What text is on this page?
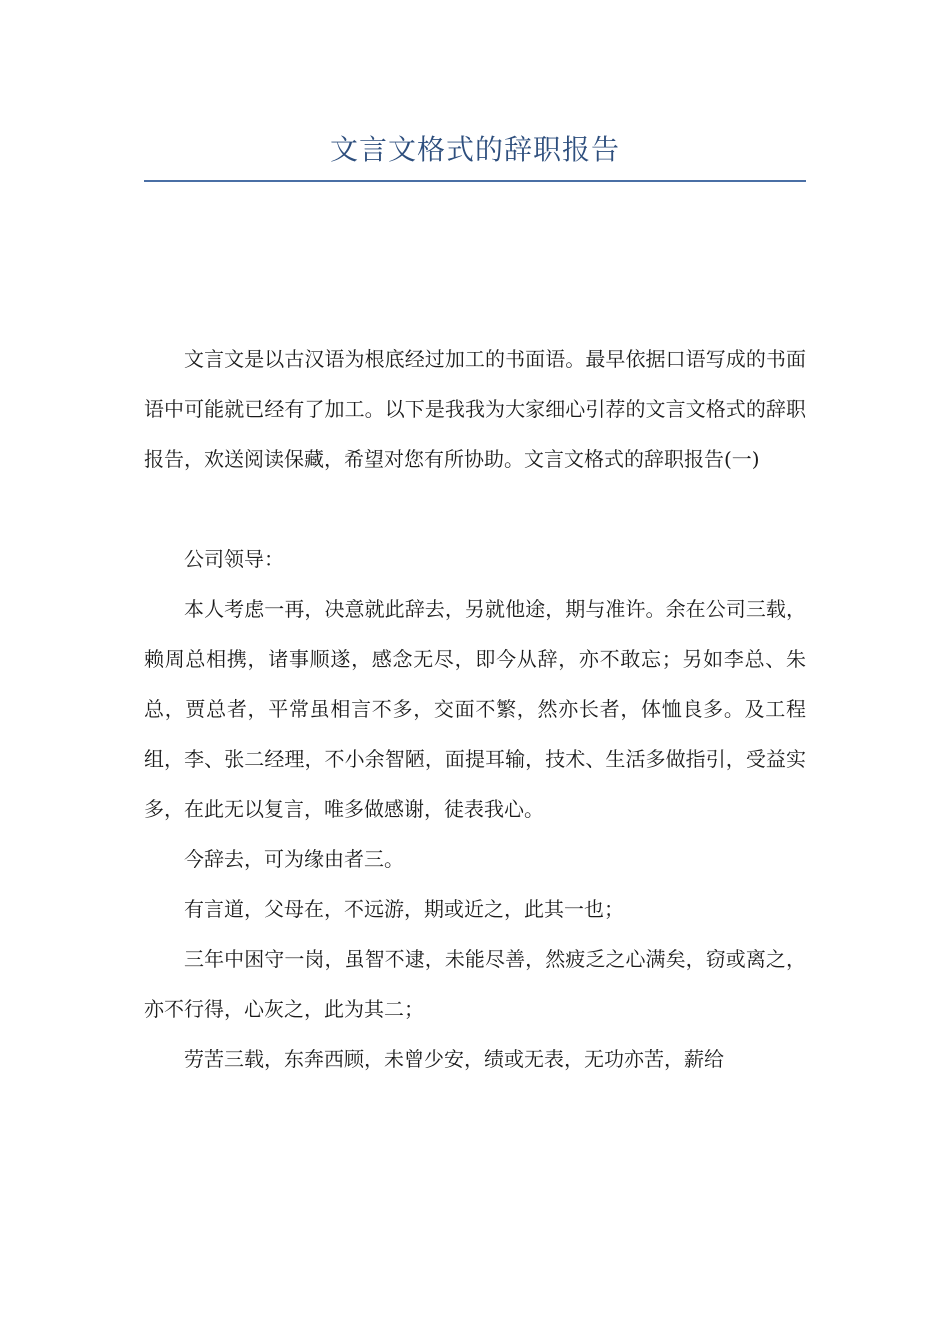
文言文格式的辞职报告

文言文是以古汉语为根底经过加工的书面语。最早依据口语写成的书面语中可能就已经有了加工。以下是我我为大家细心引荐的文言文格式的辞职报告，欢送阅读保藏，希望对您有所协助。文言文格式的辞职报告(一)

公司领导：

本人考虑一再，决意就此辞去，另就他途，期与准许。余在公司三载，赖周总相携，诸事顺遂，感念无尽，即今从辞，亦不敢忘；另如李总、朱总，贾总者，平常虽相言不多，交面不繁，然亦长者，体恤良多。及工程组，李、张二经理，不小余智陋，面提耳输，技术、生活多做指引，受益实多，在此无以复言，唯多做感谢，徒表我心。

今辞去，可为缘由者三。

有言道，父母在，不远游，期或近之，此其一也；

三年中困守一岗，虽智不逮，未能尽善，然疲乏之心满矣，窃或离之，亦不行得，心灰之，此为其二；

劳苦三载，东奔西顾，未曾少安，绩或无表，无功亦苦，薪给
